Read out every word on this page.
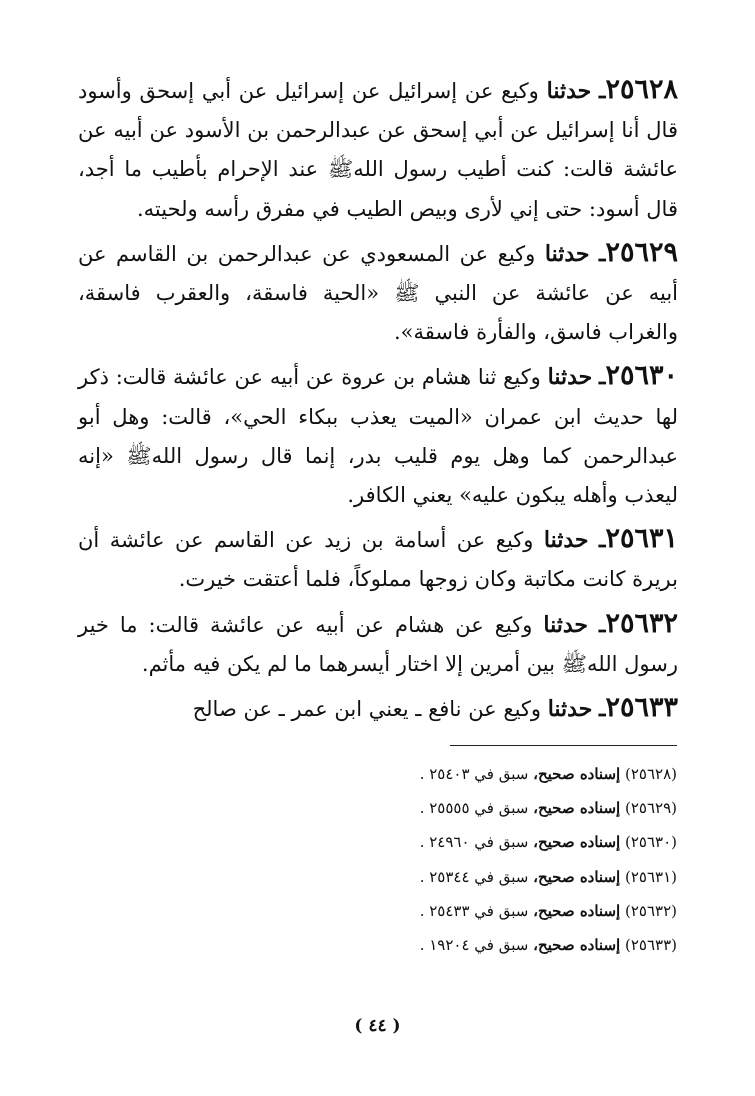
٢٥٦٢٨ـ حدثنا وكيع عن إسرائيل عن إسرائيل عن أبي إسحق وأسود قال أنا إسرائيل عن أبي إسحق عن عبدالرحمن بن الأسود عن أبيه عن عائشة قالت: كنت أطيب رسول اللهﷺ عند الإحرام بأطيب ما أجد، قال أسود: حتى إني لأرى وبيص الطيب في مفرق رأسه ولحيته.

٢٥٦٢٩ـ حدثنا وكيع عن المسعودي عن عبدالرحمن بن القاسم عن أبيه عن عائشة عن النبي ﷺ «الحية فاسقة، والعقرب فاسقة، والغراب فاسق، والفأرة فاسقة».

٢٥٦٣٠ـ حدثنا وكيع ثنا هشام بن عروة عن أبيه عن عائشة قالت: ذكر لها حديث ابن عمران «الميت يعذب ببكاء الحي»، قالت: وهل أبو عبدالرحمن كما وهل يوم قليب بدر، إنما قال رسول اللهﷺ «إنه ليعذب وأهله يبكون عليه» يعني الكافر.

٢٥٦٣١ـ حدثنا وكيع عن أسامة بن زيد عن القاسم عن عائشة أن بريرة كانت مكاتبة وكان زوجها مملوكاً، فلما أعتقت خيرت.

٢٥٦٣٢ـ حدثنا وكيع عن هشام عن أبيه عن عائشة قالت: ما خير رسول اللهﷺ بين أمرين إلا اختار أيسرهما ما لم يكن فيه مأثم.

٢٥٦٣٣ـ حدثنا وكيع عن نافع ـ يعني ابن عمر ـ عن صالح

(٢٥٦٢٨) إسناده صحيح، سبق في ٢٥٤٠٣ .

(٢٥٦٢٩) إسناده صحيح، سبق في ٢٥٥٥٥ .

(٢٥٦٣٠) إسناده صحيح، سبق في ٢٤٩٦٠ .

(٢٥٦٣١) إسناده صحيح، سبق في ٢٥٣٤٤ .

(٢٥٦٣٢) إسناده صحيح، سبق في ٢٥٤٣٣ .

(٢٥٦٣٣) إسناده صحيح، سبق في ١٩٢٠٤ .

( ٤٤ )
